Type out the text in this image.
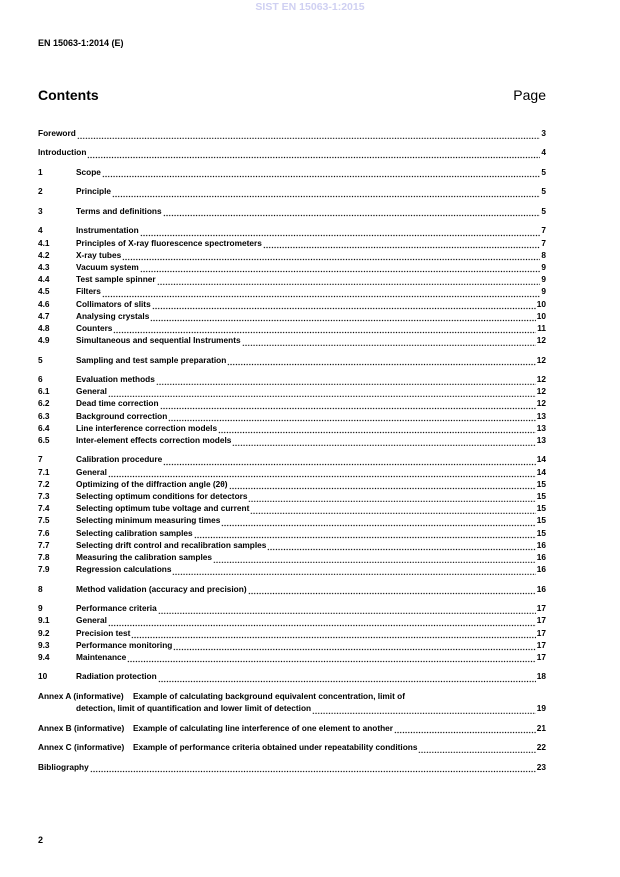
SIST EN 15063-1:2015
EN 15063-1:2014 (E)
Contents	Page
Foreword	3
Introduction	4
1	Scope	5
2	Principle	5
3	Terms and definitions	5
4	Instrumentation	7
4.1	Principles of X-ray fluorescence spectrometers	7
4.2	X-ray tubes	8
4.3	Vacuum system	9
4.4	Test sample spinner	9
4.5	Filters	9
4.6	Collimators of slits	10
4.7	Analysing crystals	10
4.8	Counters	11
4.9	Simultaneous and sequential Instruments	12
5	Sampling and test sample preparation	12
6	Evaluation methods	12
6.1	General	12
6.2	Dead time correction	12
6.3	Background correction	13
6.4	Line interference correction models	13
6.5	Inter-element effects correction models	13
7	Calibration procedure	14
7.1	General	14
7.2	Optimizing of the diffraction angle (2θ)	15
7.3	Selecting optimum conditions for detectors	15
7.4	Selecting optimum tube voltage and current	15
7.5	Selecting minimum measuring times	15
7.6	Selecting calibration samples	15
7.7	Selecting drift control and recalibration samples	16
7.8	Measuring the calibration samples	16
7.9	Regression calculations	16
8	Method validation (accuracy and precision)	16
9	Performance criteria	17
9.1	General	17
9.2	Precision test	17
9.3	Performance monitoring	17
9.4	Maintenance	17
10	Radiation protection	18
Annex A (informative)	Example of calculating background equivalent concentration, limit of
detection, limit of quantification and lower limit of detection	19
Annex B (informative)	Example of calculating line interference of one element to another	21
Annex C (informative)	Example of performance criteria obtained under repeatability conditions	22
Bibliography	23
2
